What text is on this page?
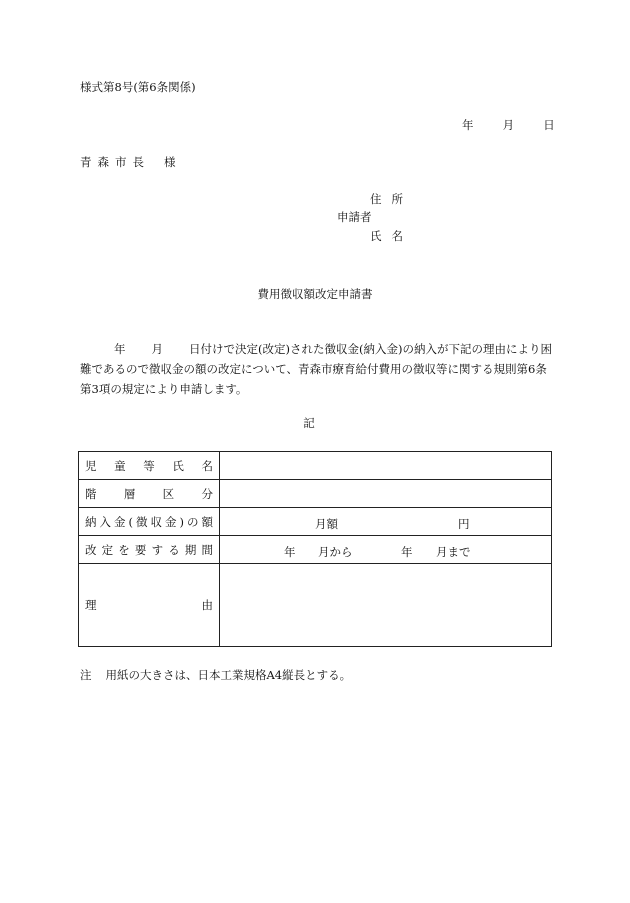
様式第8号(第6条関係)
年　 月　 日
青森市長 様
住所
申請者
氏名
費用徴収額改定申請書
年 月 日付けで決定(改定)された徴収金(納入金)の納入が下記の理由により困難であるので徴収金の額の改定について、青森市療育給付費用の徴収等に関する規則第6条第3項の規定により申請します。
記
児童等氏名	
階層区分	
納入金(徴収金)の額	月額 円

改定を要する期間	年 月から 年 月まで

理由	
注 用紙の大きさは、日本工業規格A4縦長とする。
